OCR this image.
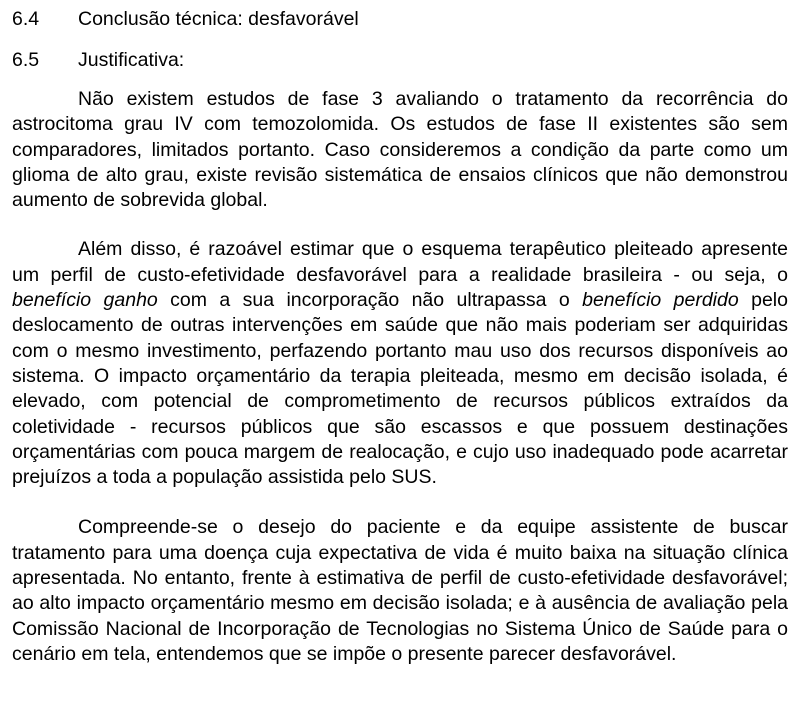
6.4	Conclusão técnica: desfavorável
6.5	Justificativa:

Não existem estudos de fase 3 avaliando o tratamento da recorrência do astrocitoma grau IV com temozolomida. Os estudos de fase II existentes são sem comparadores, limitados portanto. Caso consideremos a condição da parte como um glioma de alto grau, existe revisão sistemática de ensaios clínicos que não demonstrou aumento de sobrevida global.

Além disso, é razoável estimar que o esquema terapêutico pleiteado apresente um perfil de custo-efetividade desfavorável para a realidade brasileira - ou seja, o benefício ganho com a sua incorporação não ultrapassa o benefício perdido pelo deslocamento de outras intervenções em saúde que não mais poderiam ser adquiridas com o mesmo investimento, perfazendo portanto mau uso dos recursos disponíveis ao sistema. O impacto orçamentário da terapia pleiteada, mesmo em decisão isolada, é elevado, com potencial de comprometimento de recursos públicos extraídos da coletividade - recursos públicos que são escassos e que possuem destinações orçamentárias com pouca margem de realocação, e cujo uso inadequado pode acarretar prejuízos a toda a população assistida pelo SUS.

Compreende-se o desejo do paciente e da equipe assistente de buscar tratamento para uma doença cuja expectativa de vida é muito baixa na situação clínica apresentada. No entanto, frente à estimativa de perfil de custo-efetividade desfavorável; ao alto impacto orçamentário mesmo em decisão isolada; e à ausência de avaliação pela Comissão Nacional de Incorporação de Tecnologias no Sistema Único de Saúde para o cenário em tela, entendemos que se impõe o presente parecer desfavorável.
